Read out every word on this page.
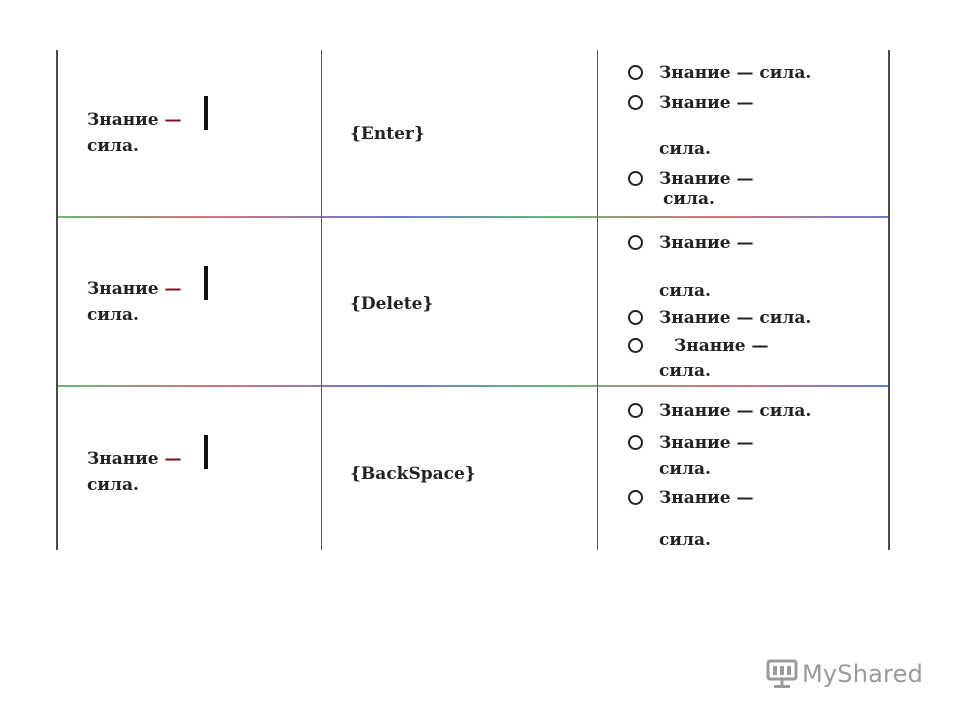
Знание —
сила.
{Enter}
Знание — сила.
Знание —
сила.
Знание —
сила.
Знание —
сила.
{Delete}
Знание —
сила.
Знание — сила.
Знание —
сила.
Знание —
сила.
{BackSpace}
Знание — сила.
Знание —
сила.
Знание —
сила.
MyShared
